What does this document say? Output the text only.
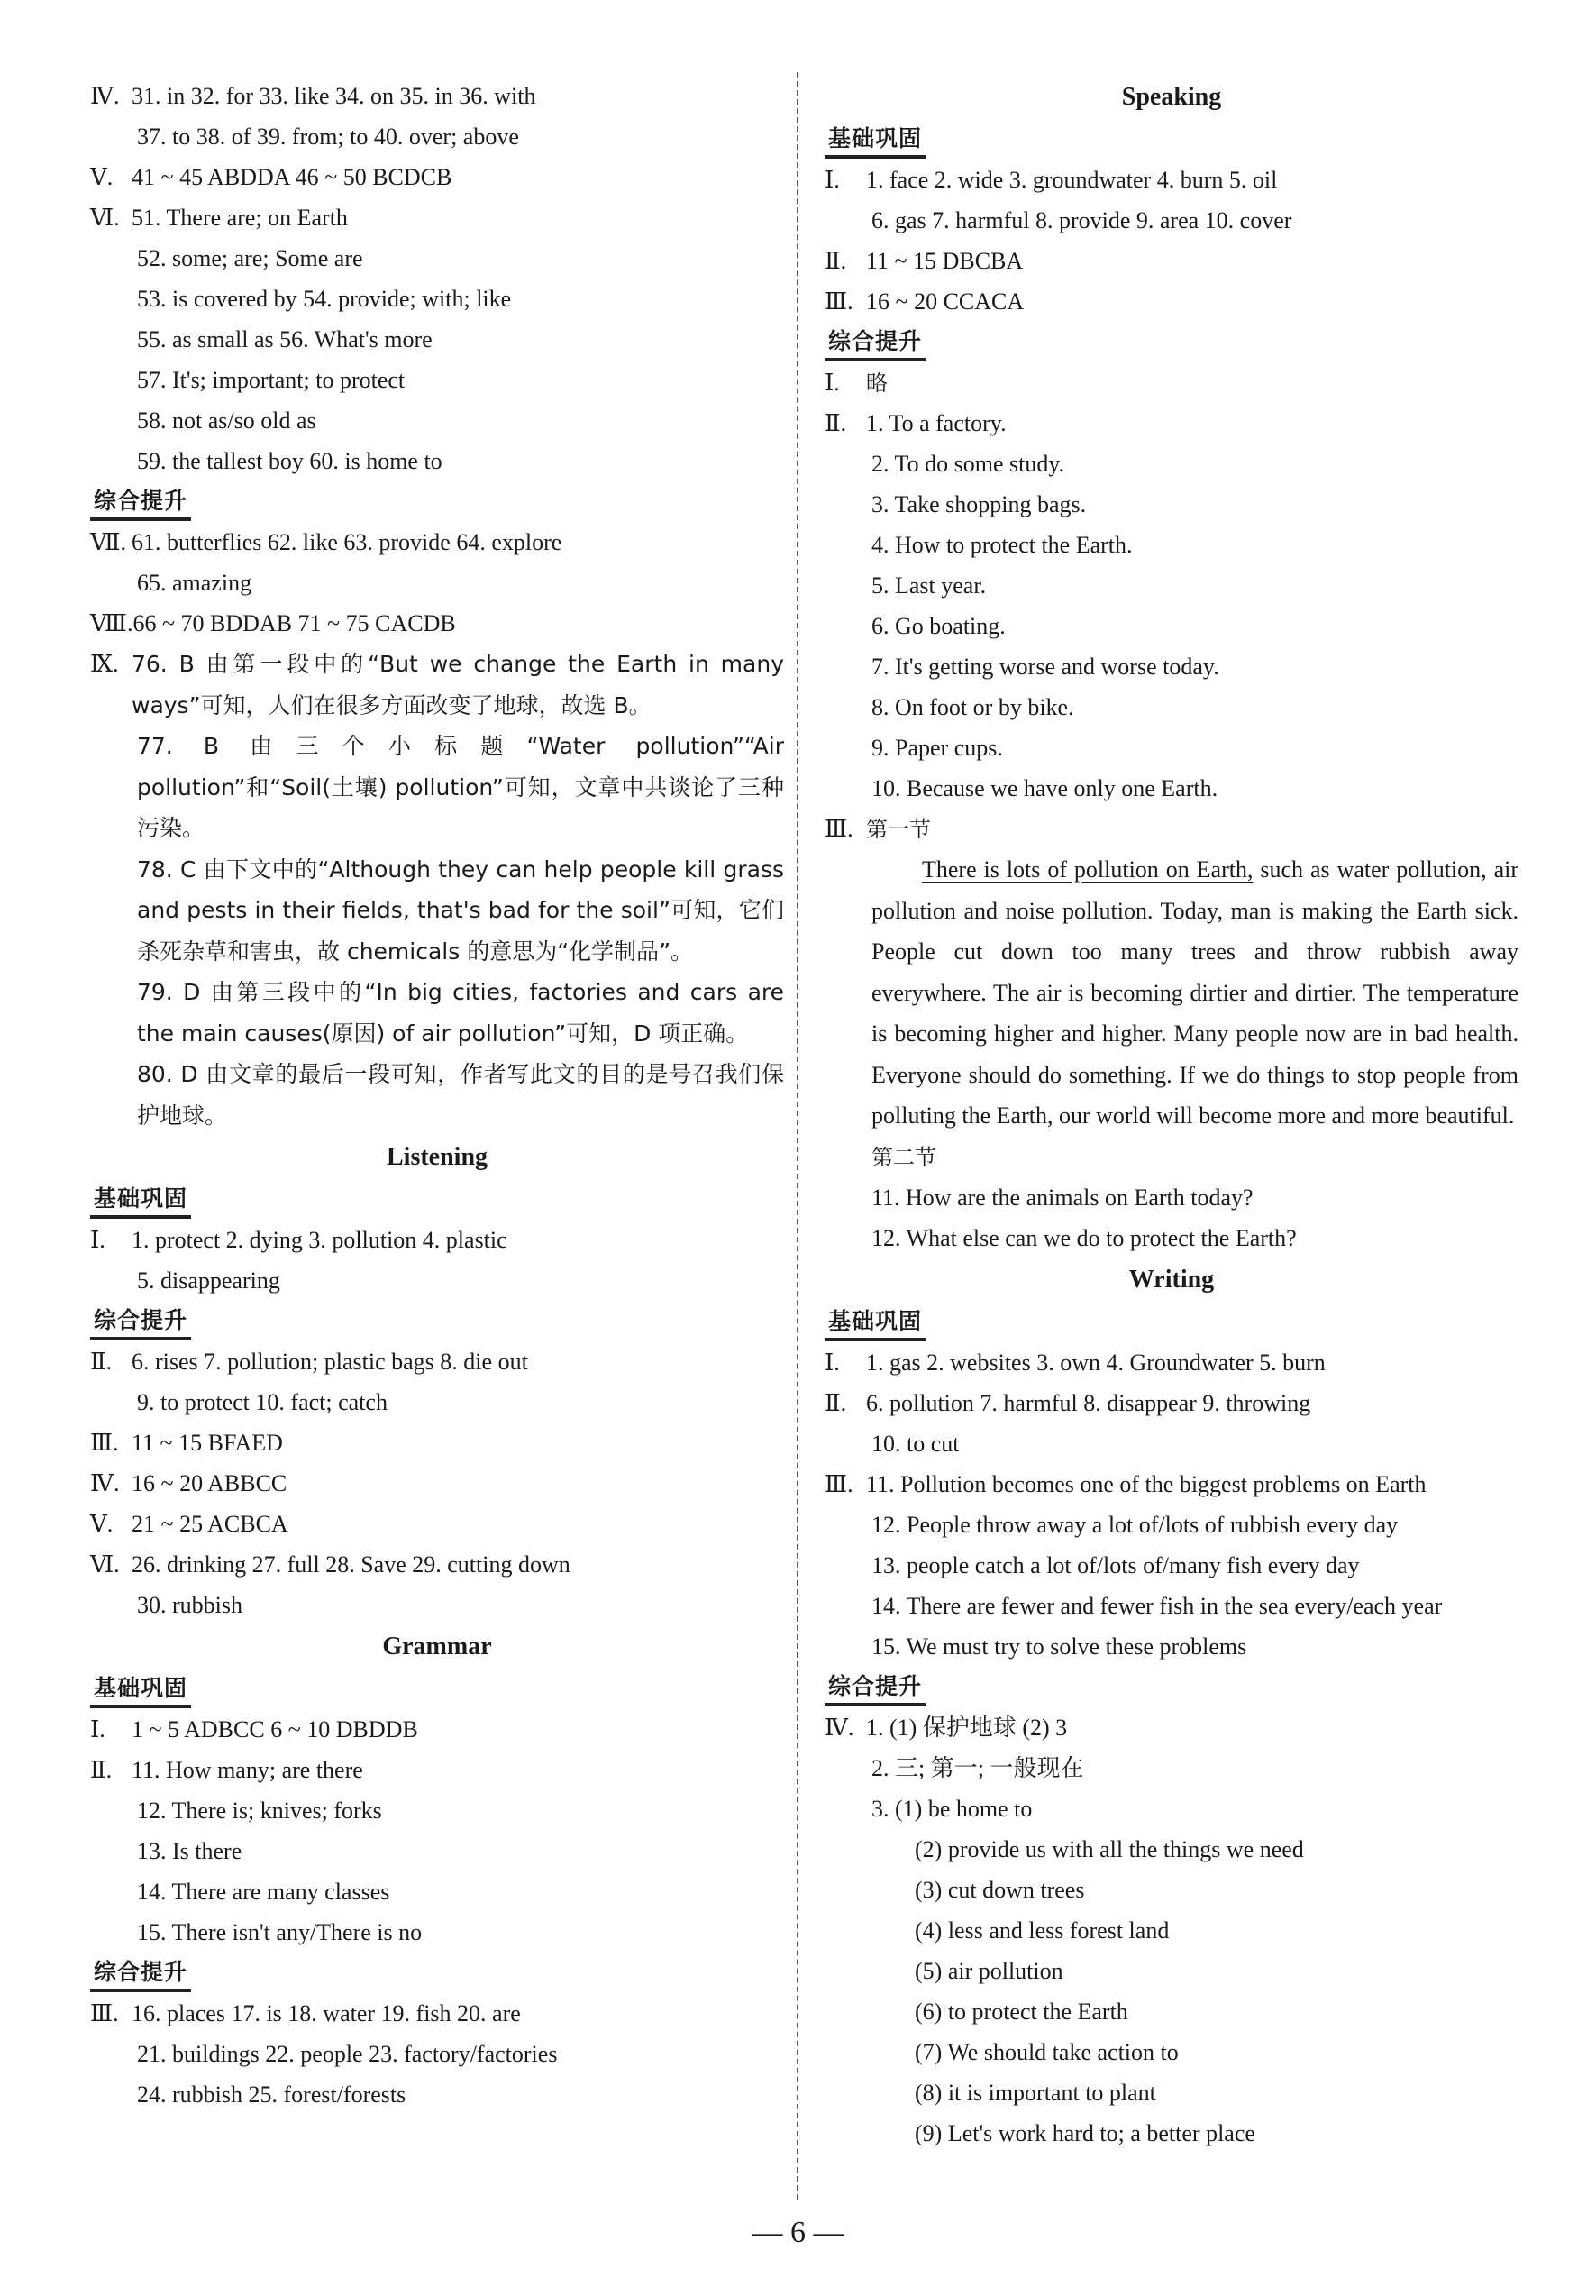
Ⅳ. 31. in 32. for 33. like 34. on 35. in 36. with
37. to 38. of 39. from; to 40. over; above
Ⅴ. 41 ~ 45 ABDDA 46 ~ 50 BCDCB
Ⅵ. 51. There are; on Earth
52. some; are; Some are
53. is covered by 54. provide; with; like
55. as small as 56. What's more
57. It's; important; to protect
58. not as/so old as
59. the tallest boy 60. is home to
综合提升
Ⅶ. 61. butterflies 62. like 63. provide 64. explore
65. amazing
Ⅷ.66 ~ 70 BDDAB 71 ~ 75 CACDB
Ⅸ. 76. B 由第一段中的“But we change the Earth in many ways”可知，人们在很多方面改变了地球，故选 B。
77. B 由三个小标题“Water pollution”“Air pollution”和“Soil(土壤) pollution”可知，文章中共谈论了三种污染。
78. C 由下文中的“Although they can help people kill grass and pests in their fields, that's bad for the soil”可知，它们杀死杂草和害虫，故 chemicals 的意思为“化学制品”。
79. D 由第三段中的“In big cities, factories and cars are the main causes(原因) of air pollution”可知，D 项正确。
80. D 由文章的最后一段可知，作者写此文的目的是号召我们保护地球。
Listening
基础巩固
Ⅰ. 1. protect 2. dying 3. pollution 4. plastic
5. disappearing
综合提升
Ⅱ. 6. rises 7. pollution; plastic bags 8. die out
9. to protect 10. fact; catch
Ⅲ. 11 ~ 15 BFAED
Ⅳ. 16 ~ 20 ABBCC
Ⅴ. 21 ~ 25 ACBCA
Ⅵ. 26. drinking 27. full 28. Save 29. cutting down
30. rubbish
Grammar
基础巩固
Ⅰ. 1 ~ 5 ADBCC 6 ~ 10 DBDDB
Ⅱ. 11. How many; are there
12. There is; knives; forks
13. Is there
14. There are many classes
15. There isn't any/There is no
综合提升
Ⅲ. 16. places 17. is 18. water 19. fish 20. are
21. buildings 22. people 23. factory/factories
24. rubbish 25. forest/forests
Speaking
基础巩固
Ⅰ. 1. face 2. wide 3. groundwater 4. burn 5. oil
6. gas 7. harmful 8. provide 9. area 10. cover
Ⅱ. 11 ~ 15 DBCBA
Ⅲ. 16 ~ 20 CCACA
综合提升
Ⅰ. 略
Ⅱ. 1. To a factory.
2. To do some study.
3. Take shopping bags.
4. How to protect the Earth.
5. Last year.
6. Go boating.
7. It's getting worse and worse today.
8. On foot or by bike.
9. Paper cups.
10. Because we have only one Earth.
Ⅲ. 第一节
There is lots of pollution on Earth, such as water pollution, air pollution and noise pollution. Today, man is making the Earth sick. People cut down too many trees and throw rubbish away everywhere. The air is becoming dirtier and dirtier. The temperature is becoming higher and higher. Many people now are in bad health. Everyone should do something. If we do things to stop people from polluting the Earth, our world will become more and more beautiful.
第二节
11. How are the animals on Earth today?
12. What else can we do to protect the Earth?
Writing
基础巩固
Ⅰ. 1. gas 2. websites 3. own 4. Groundwater 5. burn
Ⅱ. 6. pollution 7. harmful 8. disappear 9. throwing
10. to cut
Ⅲ. 11. Pollution becomes one of the biggest problems on Earth
12. People throw away a lot of/lots of rubbish every day
13. people catch a lot of/lots of/many fish every day
14. There are fewer and fewer fish in the sea every/each year
15. We must try to solve these problems
综合提升
Ⅳ. 1. (1) 保护地球 (2) 3
2. 三; 第一; 一般现在
3. (1) be home to
(2) provide us with all the things we need
(3) cut down trees
(4) less and less forest land
(5) air pollution
(6) to protect the Earth
(7) We should take action to
(8) it is important to plant
(9) Let's work hard to; a better place
— 6 —
